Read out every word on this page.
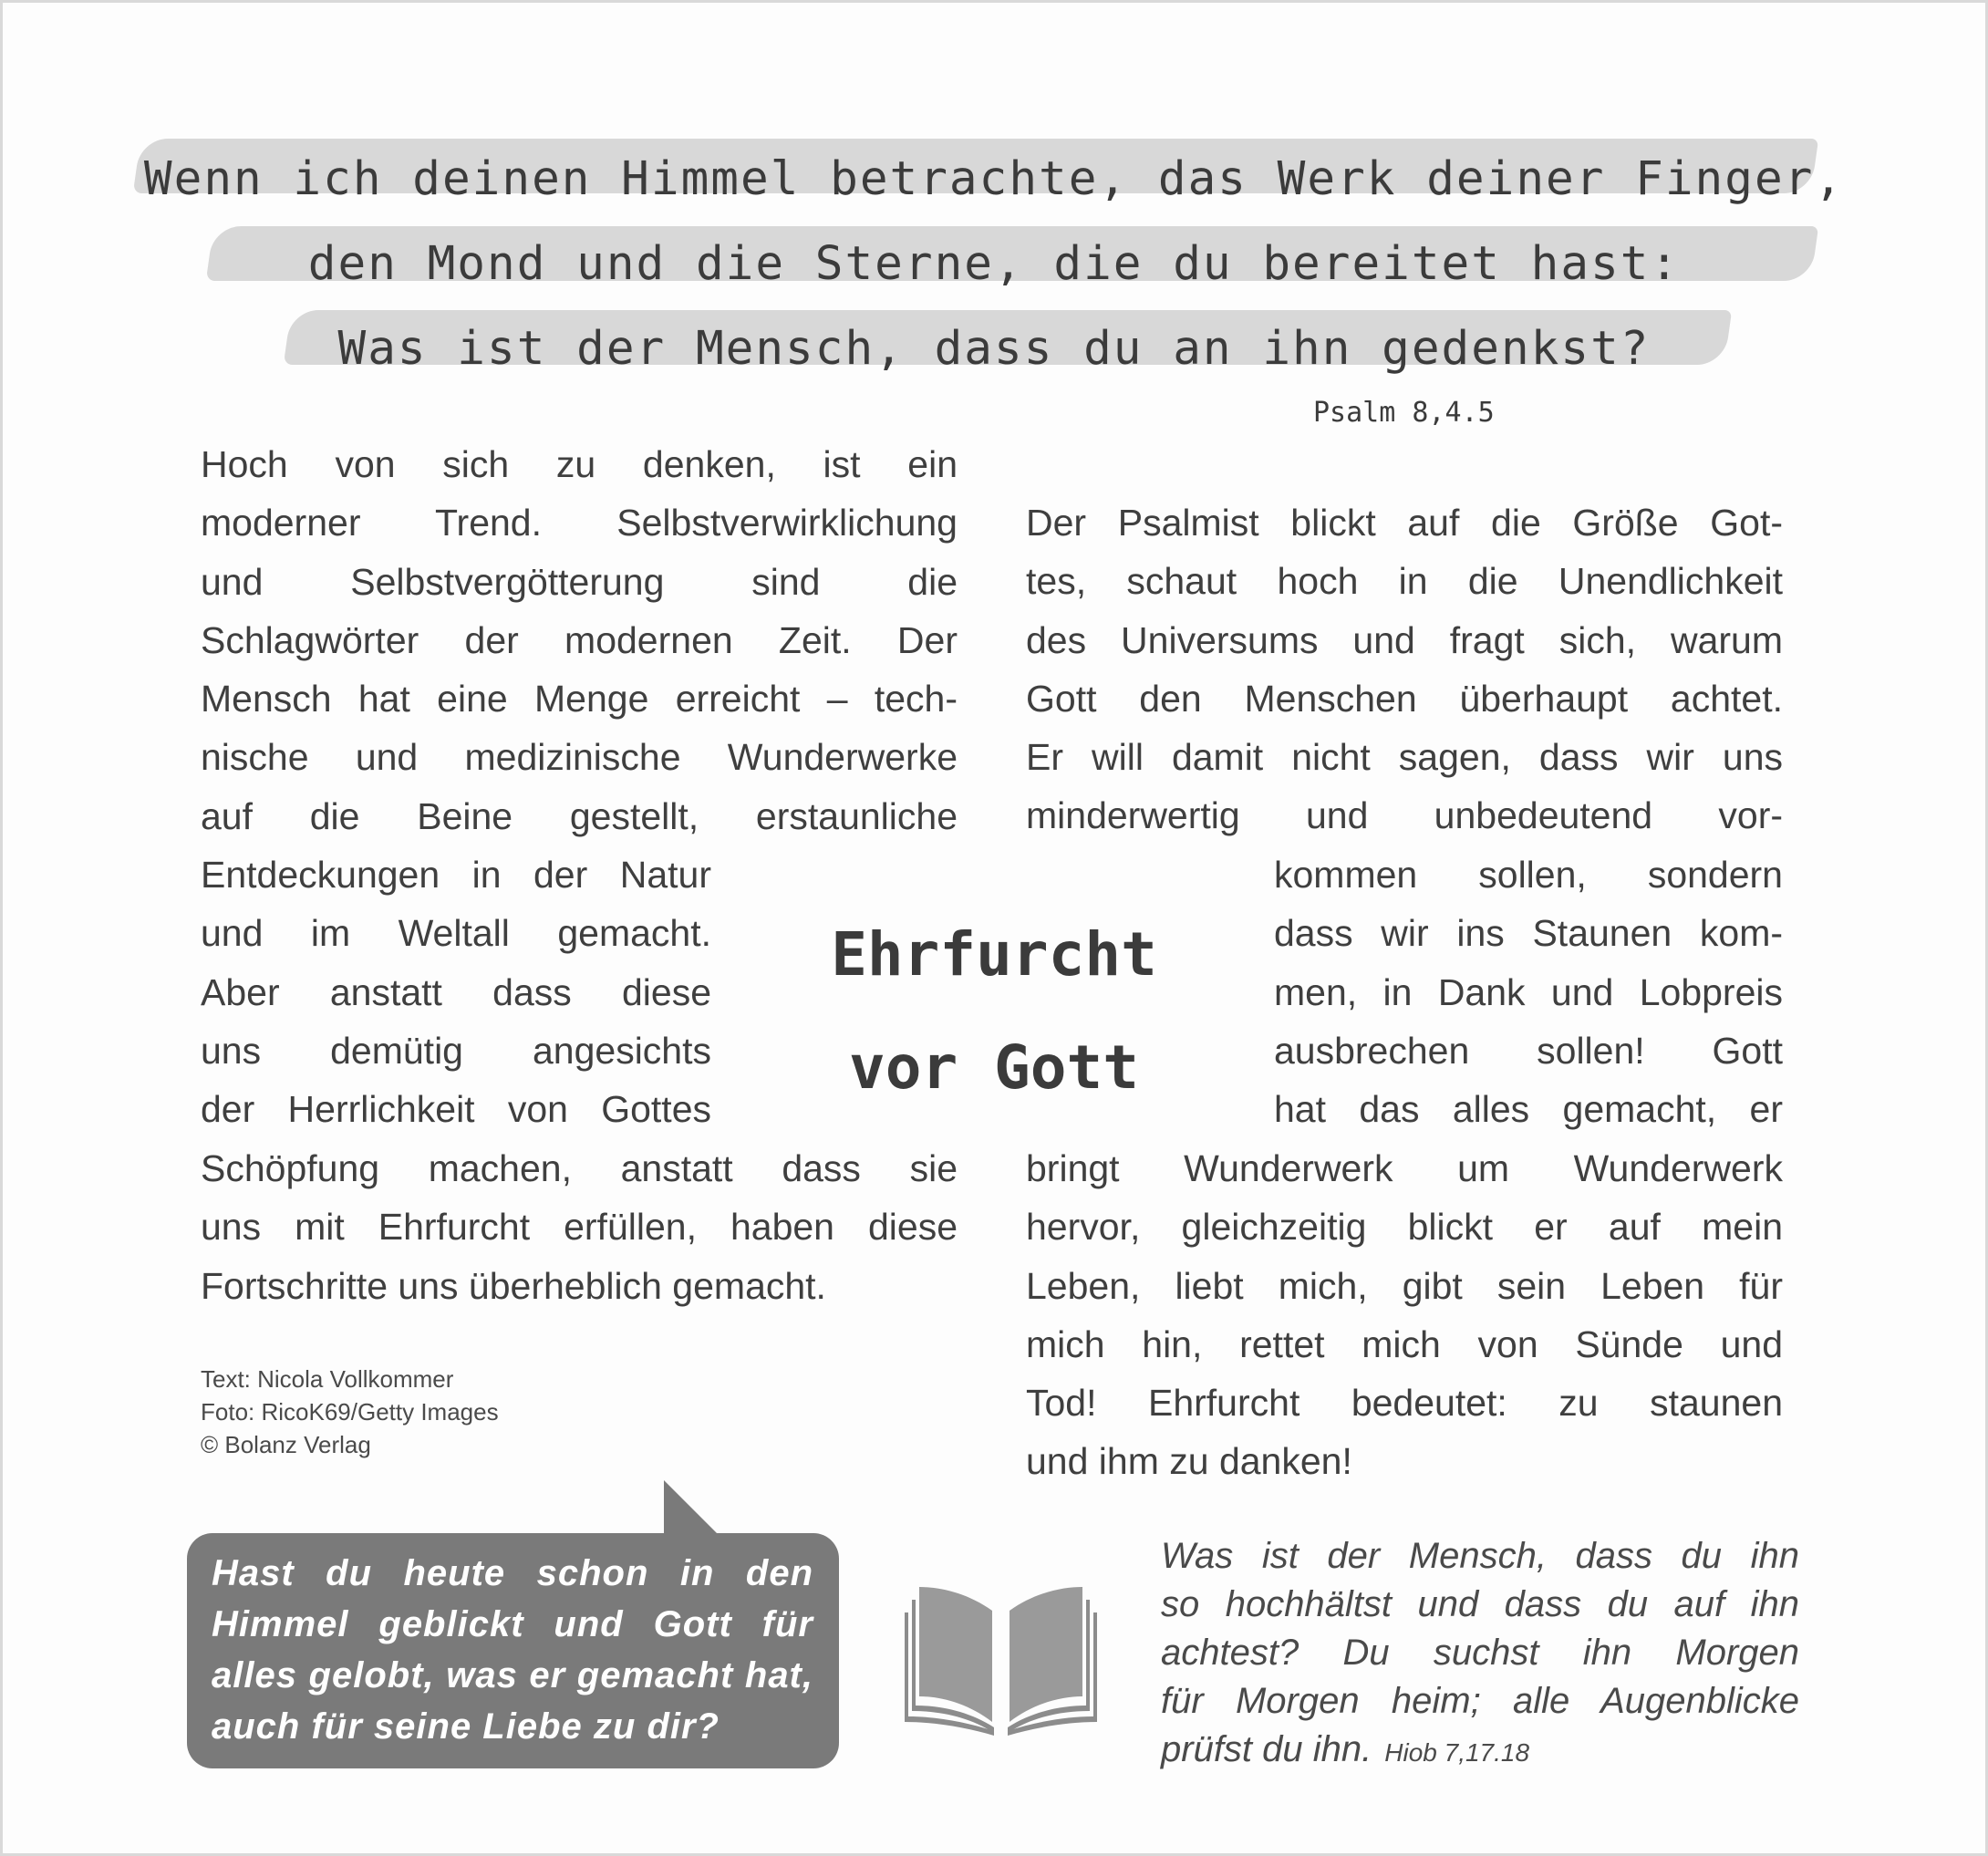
Wenn ich deinen Himmel betrachte, das Werk deiner Finger,
den Mond und die Sterne, die du bereitet hast:
Was ist der Mensch, dass du an ihn gedenkst?
Psalm 8,4.5

Hoch von sich zu denken, ist ein

moderner Trend. Selbstverwirklichung

und Selbstvergötterung sind die

Schlagwörter der modernen Zeit. Der

Mensch hat eine Menge erreicht – tech-

nische und medizinische Wunderwerke

auf die Beine gestellt, erstaunliche

Entdeckungen in der Natur

und im Weltall gemacht.

Aber anstatt dass diese

uns demütig angesichts

der Herrlichkeit von Gottes

Schöpfung machen, anstatt dass sie

uns mit Ehrfurcht erfüllen, haben diese

Fortschritte uns überheblich gemacht.

Ehrfurcht
vor Gott

Der Psalmist blickt auf die Größe Got-

tes, schaut hoch in die Unendlichkeit

des Universums und fragt sich, warum

Gott den Menschen überhaupt achtet.

Er will damit nicht sagen, dass wir uns

minderwertig und unbedeutend vor-

kommen sollen, sondern

dass wir ins Staunen kom-

men, in Dank und Lobpreis

ausbrechen sollen! Gott

hat das alles gemacht, er

bringt Wunderwerk um Wunderwerk

hervor, gleichzeitig blickt er auf mein

Leben, liebt mich, gibt sein Leben für

mich hin, rettet mich von Sünde und

Tod! Ehrfurcht bedeutet: zu staunen

und ihm zu danken!

Text: Nicola Vollkommer
Foto: RicoK69/Getty Images
© Bolanz Verlag

Hast du heute schon in den

Himmel geblickt und Gott für

alles gelobt, was er gemacht hat,

auch für seine Liebe zu dir?

Was ist der Mensch, dass du ihn

so hochhältst und dass du auf ihn

achtest? Du suchst ihn Morgen

für Morgen heim; alle Augenblicke

prüfst du ihn. Hiob 7,17.18
